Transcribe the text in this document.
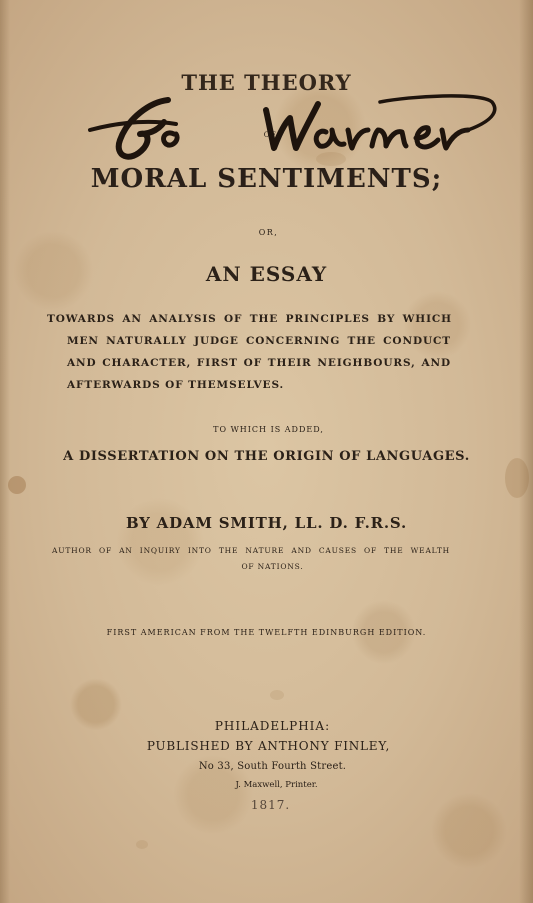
THE THEORY
OF
MORAL SENTIMENTS;
OR,
AN ESSAY
TOWARDS AN ANALYSIS OF THE PRINCIPLES BY WHICH
MEN NATURALLY JUDGE CONCERNING THE CONDUCT
AND CHARACTER, FIRST OF THEIR NEIGHBOURS, AND
AFTERWARDS OF THEMSELVES.
TO WHICH IS ADDED,
A DISSERTATION ON THE ORIGIN OF LANGUAGES.
BY ADAM SMITH, LL. D. F.R.S.
AUTHOR OF AN INQUIRY INTO THE NATURE AND CAUSES OF THE WEALTH
OF NATIONS.
FIRST AMERICAN FROM THE TWELFTH EDINBURGH EDITION.
PHILADELPHIA:
PUBLISHED BY ANTHONY FINLEY,
No 33, South Fourth Street.
J. Maxwell, Printer.
1817.
